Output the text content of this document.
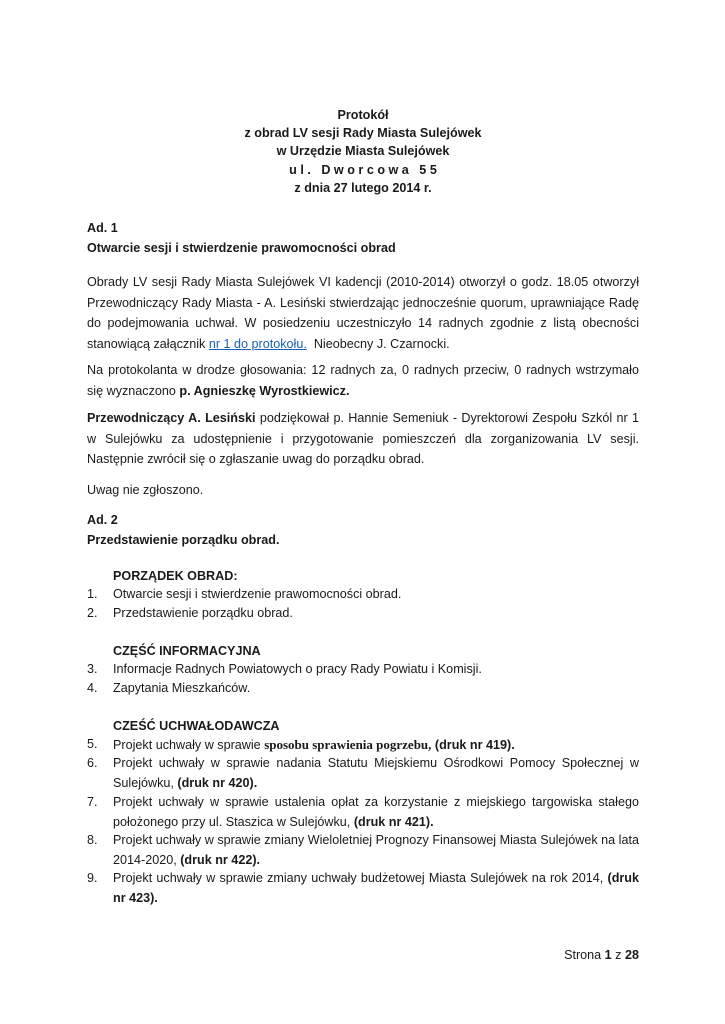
Protokół
z obrad LV sesji Rady Miasta Sulejówek
w Urzędzie Miasta Sulejówek
u l .   D w o r c o w a   5 5
z dnia 27 lutego 2014 r.
Ad. 1
Otwarcie sesji i stwierdzenie prawomocności obrad
Obrady LV sesji Rady Miasta Sulejówek VI kadencji (2010-2014) otworzył o godz. 18.05 otworzył Przewodniczący Rady Miasta - A. Lesiński stwierdzając jednocześnie quorum, uprawniające Radę do podejmowania uchwał. W posiedzeniu uczestniczyło 14 radnych zgodnie z listą obecności stanowiącą załącznik nr 1 do protokołu.  Nieobecny J. Czarnocki.
Na protokolanta w drodze głosowania: 12 radnych za, 0 radnych przeciw, 0 radnych wstrzymało się wyznaczono p. Agnieszkę Wyrostkiewicz.
Przewodniczący A. Lesiński podziękował p. Hannie Semeniuk - Dyrektorowi Zespołu Szkól nr 1 w Sulejówku za udostępnienie i przygotowanie pomieszczeń dla zorganizowania LV sesji. Następnie zwrócił się o zgłaszanie uwag do porządku obrad.
Uwag nie zgłoszono.
Ad. 2
Przedstawienie porządku obrad.
PORZĄDEK OBRAD:
1.	Otwarcie sesji i stwierdzenie prawomocności obrad.
2.	Przedstawienie porządku obrad.
CZĘŚĆ INFORMACYJNA
3.	Informacje Radnych Powiatowych o pracy Rady Powiatu i Komisji.
4.	Zapytania Mieszkańców.
CZEŚĆ UCHWAŁODAWCZA
5.	Projekt uchwały w sprawie sposobu sprawienia pogrzebu, (druk nr 419).
6.	Projekt uchwały w sprawie nadania Statutu Miejskiemu Ośrodkowi Pomocy Społecznej w Sulejówku, (druk nr 420).
7.	Projekt uchwały w sprawie ustalenia opłat za korzystanie z miejskiego targowiska stałego położonego przy ul. Staszica w Sulejówku, (druk nr 421).
8.	Projekt uchwały w sprawie zmiany Wieloletniej Prognozy Finansowej Miasta Sulejówek na lata 2014-2020, (druk nr 422).
9.	Projekt uchwały w sprawie zmiany uchwały budżetowej Miasta Sulejówek na rok 2014, (druk nr 423).
Strona 1 z 28
